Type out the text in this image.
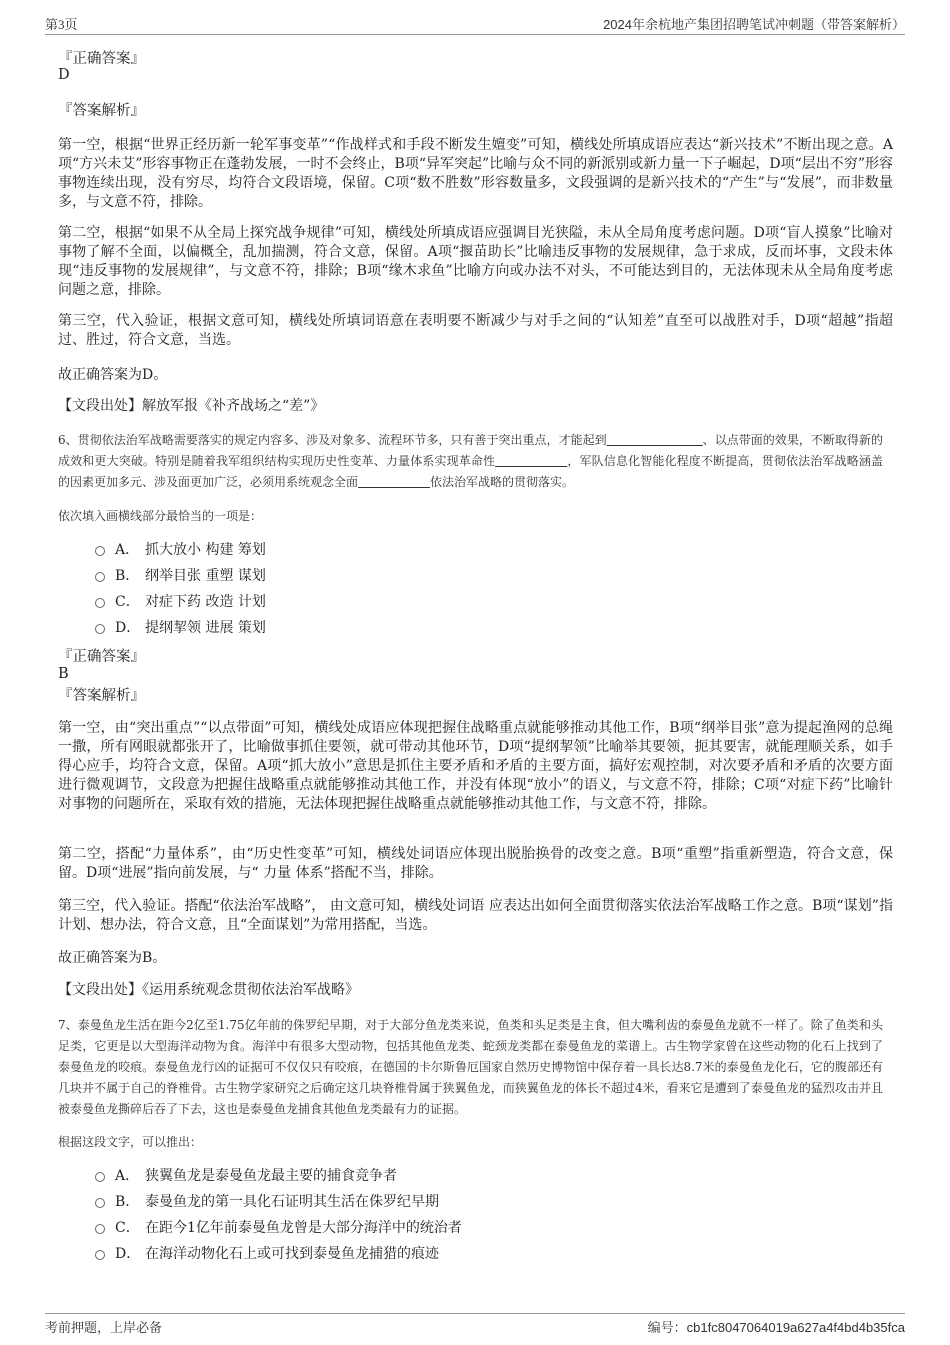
第3页	2024年余杭地产集团招聘笔试冲刺题（带答案解析）
『正确答案』
D
『答案解析』

第一空，根据“世界正经历新一轮军事变革”“作战样式和手段不断发生嬗变”可知，横线处所填成语应表达“新兴技术”不断出现之意。A项“方兴未艾”形容事物正在蓬勃发展，一时不会终止，B项“异军突起”比喻与众不同的新派别或新力量一下子崛起，D项“层出不穷”形容事物连续出现，没有穷尽，均符合文段语境，保留。C项“数不胜数”形容数量多，文段强调的是新兴技术的“产生”与“发展”，而非数量多，与文意不符，排除。

第二空，根据“如果不从全局上探究战争规律”可知，横线处所填成语应强调目光狭隘，未从全局角度考虑问题。D项“盲人摸象”比喻对事物了解不全面，以偏概全，乱加揣测，符合文意，保留。A项“揠苗助长”比喻违反事物的发展规律，急于求成，反而坏事，文段未体现“违反事物的发展规律”，与文意不符，排除；B项“缘木求鱼”比喻方向或办法不对头，不可能达到目的，无法体现未从全局角度考虑问题之意，排除。

第三空，代入验证，根据文意可知，横线处所填词语意在表明要不断减少与对手之间的“认知差”直至可以战胜对手，D项“超越”指超过、胜过，符合文意，当选。

故正确答案为D。

【文段出处】解放军报《补齐战场之“差”》

6、贯彻依法治军战略需要落实的规定内容多、涉及对象多、流程环节多，只有善于突出重点，才能起到        	、以点带面的效果，不断取得新的成效和更大突破。特别是随着我军组织结构实现历史性变革、力量体系实现革命性      	，军队信息化智能化程度不断提高，贯彻依法治军战略涵盖的因素更加多元、涉及面更加广泛，必须用系统观念全面      	依法治军战略的贯彻落实。

依次填入画横线部分最恰当的一项是：
A． 抓大放小 构建 筹划
B． 纲举目张 重塑 谋划
C． 对症下药 改造 计划
D． 提纲挈领 进展 策划
『正确答案』
B
『答案解析』

第一空，由“突出重点”“以点带面”可知，横线处成语应体现把握住战略重点就能够推动其他工作，B项“纲举目张”意为提起渔网的总绳一撒，所有网眼就都张开了，比喻做事抓住要领，就可带动其他环节，D项“提纲挈领”比喻举其要领，扼其要害，就能理顺关系，如手得心应手，均符合文意，保留。A项“抓大放小”意思是抓住主要矛盾和矛盾的主要方面，搞好宏观控制，对次要矛盾和矛盾的次要方面进行微观调节，文段意为把握住战略重点就能够推动其他工作，并没有体现“放小”的语义，与文意不符，排除；C项“对症下药”比喻针对事物的问题所在，采取有效的措施，无法体现把握住战略重点就能够推动其他工作，与文意不符，排除。

第二空，搭配“力量体系”，由“历史性变革”可知，横线处词语应体现出脱胎换骨的改变之意。B项“重塑”指重新塑造，符合文意，保留。D项“进展”指向前发展，与“ 力量 体系”搭配不当，排除。

第三空，代入验证。搭配“依法治军战略”， 由文意可知，横线处词语 应表达出如何全面贯彻落实依法治军战略工作之意。B项“谋划”指计划、想办法，符合文意，且“全面谋划”为常用搭配，当选。

故正确答案为B。

【文段出处】《运用系统观念贯彻依法治军战略》

7、泰曼鱼龙生活在距今2亿至1.75亿年前的侏罗纪早期，对于大部分鱼龙类来说，鱼类和头足类是主食，但大嘴利齿的泰曼鱼龙就不一样了。除了鱼类和头足类，它更是以大型海洋动物为食。海洋中有很多大型动物，包括其他鱼龙类、蛇颈龙类都在泰曼鱼龙的菜谱上。古生物学家曾在这些动物的化石上找到了泰曼鱼龙的咬痕。泰曼鱼龙行凶的证据可不仅仅只有咬痕，在德国的卡尔斯鲁厄国家自然历史博物馆中保存着一具长达8.7米的泰曼鱼龙化石，它的腹部还有几块并不属于自己的脊椎骨。古生物学家研究之后确定这几块脊椎骨属于狭翼鱼龙，而狭翼鱼龙的体长不超过4米，看来它是遭到了泰曼鱼龙的猛烈攻击并且被泰曼鱼龙撕碎后吞了下去，这也是泰曼鱼龙捕食其他鱼龙类最有力的证据。

根据这段文字，可以推出：
A． 狭翼鱼龙是泰曼鱼龙最主要的捕食竞争者
B． 泰曼鱼龙的第一具化石证明其生活在侏罗纪早期
C． 在距今1亿年前泰曼鱼龙曾是大部分海洋中的统治者
D． 在海洋动物化石上或可找到泰曼鱼龙捕猎的痕迹
考前押题，上岸必备	编号：cb1fc8047064019a627a4f4bd4b35fca
